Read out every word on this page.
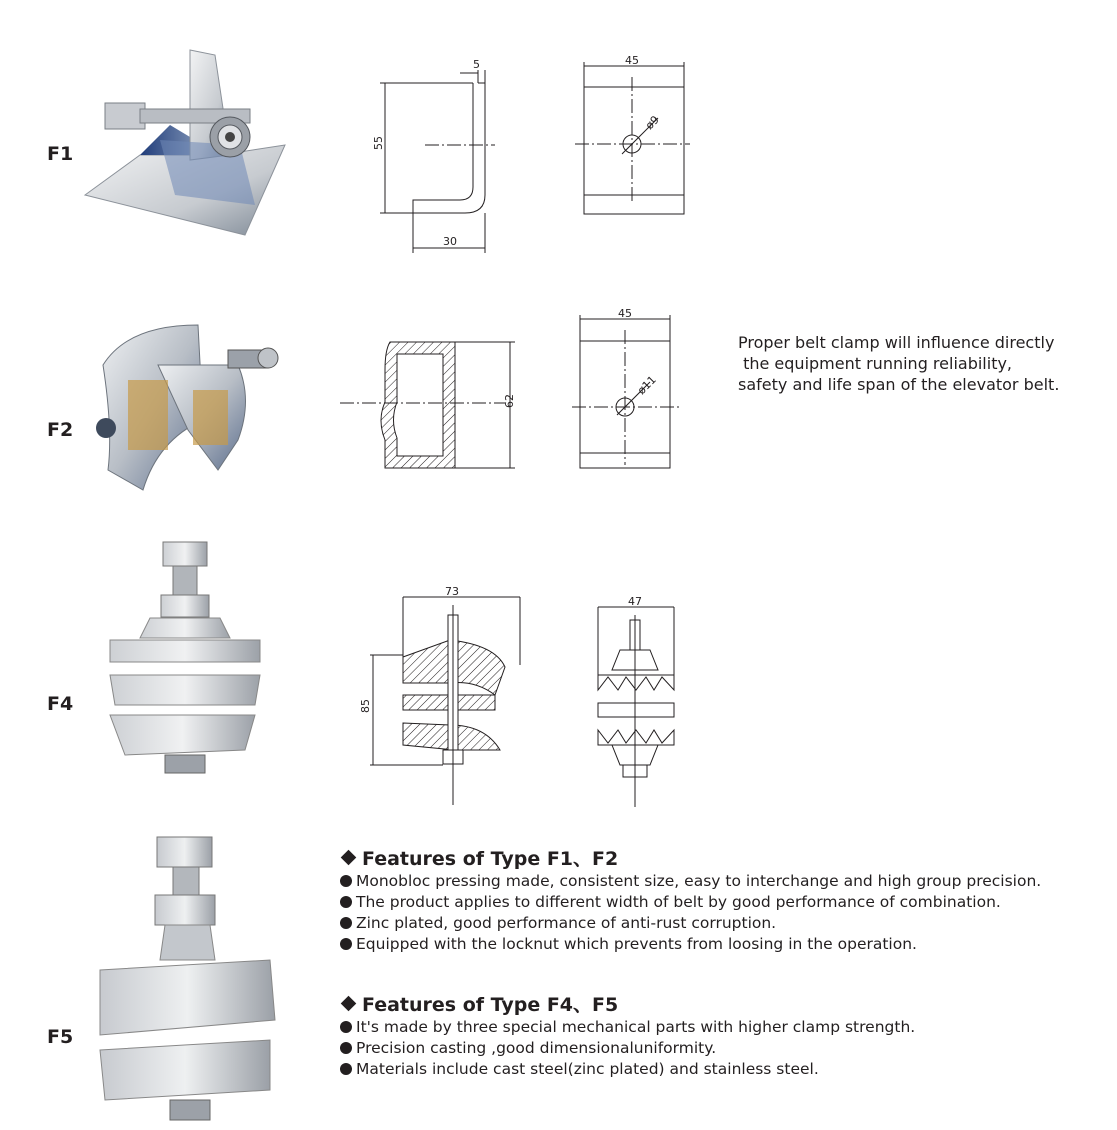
F1
F2
F4
F5
5
55
30
45
ø9
62
45
ø11
73
85
47
Proper belt clamp will influence directly
the equipment running reliability,
safety and life span of the elevator belt.
Features of Type F1、F2
Monobloc pressing made, consistent size, easy to interchange and high group precision.
The product applies to different width of belt by good performance of combination.
Zinc plated, good performance of anti-rust corruption.
Equipped with the locknut which prevents from loosing in the operation.
Features of Type F4、F5
It's made by three special mechanical parts with higher clamp strength.
Precision casting ,good dimensionaluniformity.
Materials include cast steel(zinc plated) and stainless steel.
